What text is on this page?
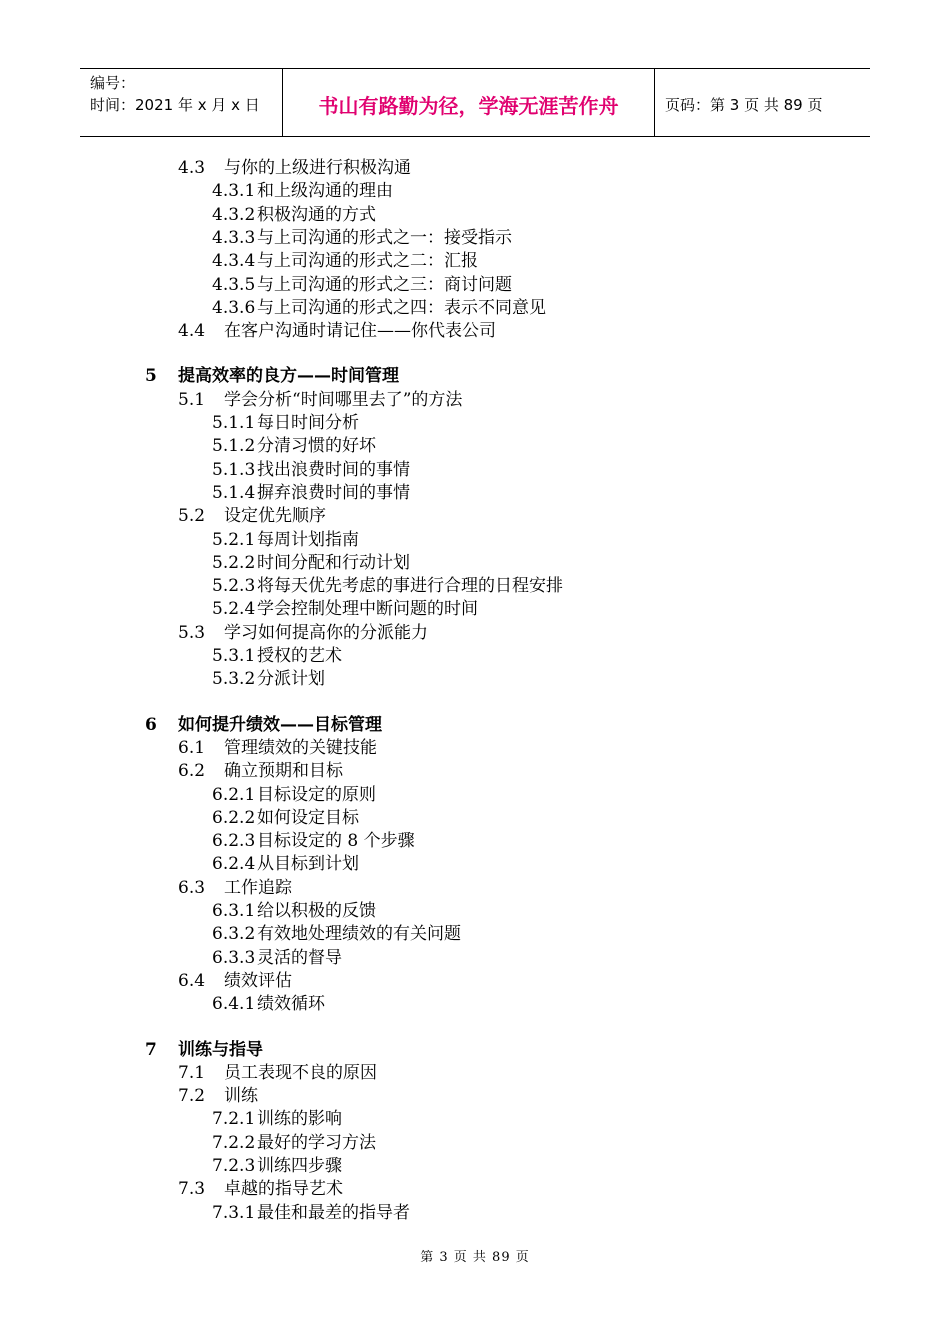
编号：
时间：2021 年 x 月 x 日	书山有路勤为径，学海无涯苦作舟	页码：第 3 页 共 89 页
4.3 与你的上级进行积极沟通
4.3.1 和上级沟通的理由
4.3.2 积极沟通的方式
4.3.3 与上司沟通的形式之一：接受指示
4.3.4 与上司沟通的形式之二：汇报
4.3.5 与上司沟通的形式之三：商讨问题
4.3.6 与上司沟通的形式之四：表示不同意见
4.4 在客户沟通时请记住——你代表公司
5 提高效率的良方——时间管理
5.1 学会分析“时间哪里去了”的方法
5.1.1 每日时间分析
5.1.2 分清习惯的好坏
5.1.3 找出浪费时间的事情
5.1.4 摒弃浪费时间的事情
5.2 设定优先顺序
5.2.1 每周计划指南
5.2.2 时间分配和行动计划
5.2.3 将每天优先考虑的事进行合理的日程安排
5.2.4 学会控制处理中断问题的时间
5.3 学习如何提高你的分派能力
5.3.1 授权的艺术
5.3.2 分派计划
6 如何提升绩效——目标管理
6.1 管理绩效的关键技能
6.2 确立预期和目标
6.2.1 目标设定的原则
6.2.2 如何设定目标
6.2.3 目标设定的 8 个步骤
6.2.4 从目标到计划
6.3 工作追踪
6.3.1 给以积极的反馈
6.3.2 有效地处理绩效的有关问题
6.3.3 灵活的督导
6.4 绩效评估
6.4.1 绩效循环
7 训练与指导
7.1 员工表现不良的原因
7.2 训练
7.2.1 训练的影响
7.2.2 最好的学习方法
7.2.3 训练四步骤
7.3 卓越的指导艺术
7.3.1 最佳和最差的指导者
第 3 页 共 89 页
